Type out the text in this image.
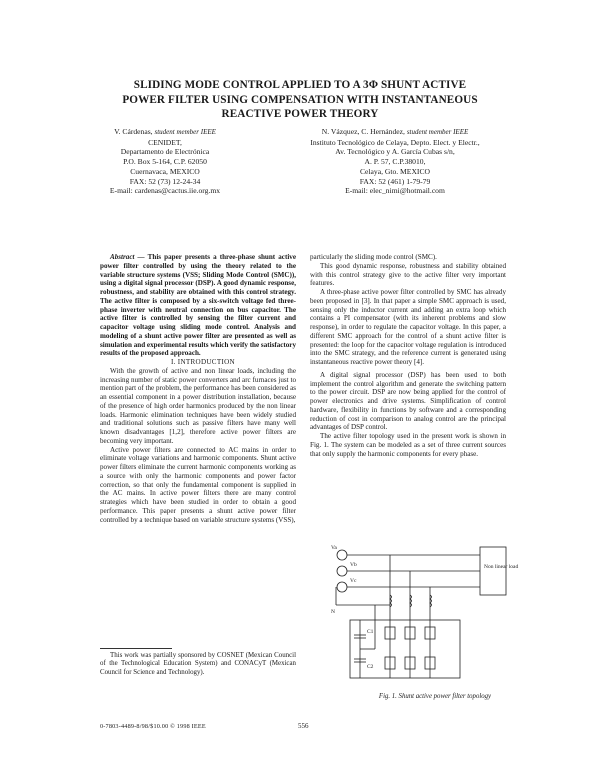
SLIDING MODE CONTROL APPLIED TO A 3Φ SHUNT ACTIVE
POWER FILTER USING COMPENSATION WITH INSTANTANEOUS
REACTIVE POWER THEORY
V. Cárdenas, student member IEEE
CENIDET,
Departamento de Electrónica
P.O. Box 5-164, C.P. 62050
Cuernavaca, MEXICO
FAX: 52 (73) 12-24-34
E-mail: cardenas@cactus.iie.org.mx
N. Vázquez, C. Hernández, student member IEEE
Instituto Tecnológico de Celaya, Depto. Elect. y Electr.,
Av. Tecnológico y A. García Cubas s/n,
A. P. 57, C.P.38010,
Celaya, Gto. MEXICO
FAX: 52 (461) 1-79-79
E-mail: elec_nimi@hotmail.com

Abstract — This paper presents a three-phase shunt active power filter controlled by using the theory related to the variable structure systems (VSS; Sliding Mode Control (SMC)), using a digital signal processor (DSP). A good dynamic response, robustness, and stability are obtained with this control strategy. The active filter is composed by a six-switch voltage fed three-phase inverter with neutral connection on bus capacitor. The active filter is controlled by sensing the filter current and capacitor voltage using sliding mode control. Analysis and modeling of a shunt active power filter are presented as well as simulation and experimental results which verify the satisfactory results of the proposed approach.

I. INTRODUCTION

With the growth of active and non linear loads, including the increasing number of static power converters and arc furnaces just to mention part of the problem, the performance has been considered as an essential component in a power distribution installation, because of the presence of high order harmonics produced by the non linear loads. Harmonic elimination techniques have been widely studied and traditional solutions such as passive filters have many well known disadvantages [1,2], therefore active power filters are becoming very important.

Active power filters are connected to AC mains in order to eliminate voltage variations and harmonic components. Shunt active power filters eliminate the current harmonic components working as a source with only the harmonic components and power factor correction, so that only the fundamental component is supplied in the AC mains. In active power filters there are many control strategies which have been studied in order to obtain a good performance. This paper presents a shunt active power filter controlled by a technique based on variable structure systems (VSS),

This work was partially sponsored by COSNET (Mexican Council of the Technological Education System) and CONACyT (Mexican Council for Science and Technology).

particularly the sliding mode control (SMC).

This good dynamic response, robustness and stability obtained with this control strategy give to the active filter very important features.

A three-phase active power filter controlled by SMC has already been proposed in [3]. In that paper a simple SMC approach is used, sensing only the inductor current and adding an extra loop which contains a PI compensator (with its inherent problems and slow response), in order to regulate the capacitor voltage. In this paper, a different SMC approach for the control of a shunt active filter is presented: the loop for the capacitor voltage regulation is introduced into the SMC strategy, and the reference current is generated using instantaneous reactive power theory [4].

A digital signal processor (DSP) has been used to both implement the control algorithm and generate the switching pattern to the power circuit. DSP are now being applied for the control of power electronics and drive systems. Simplification of control hardware, flexibility in functions by software and a corresponding reduction of cost in comparison to analog control are the principal advantages of DSP control.

The active filter topology used in the present work is shown in Fig. 1. The system can be modeled as a set of three current sources that only supply the harmonic components for every phase.

Non linear load
Va
Vb
Vc
N
C1
C2
Fig. 1. Shunt active power filter topology
0-7803-4489-8/98/$10.00 © 1998 IEEE	556
